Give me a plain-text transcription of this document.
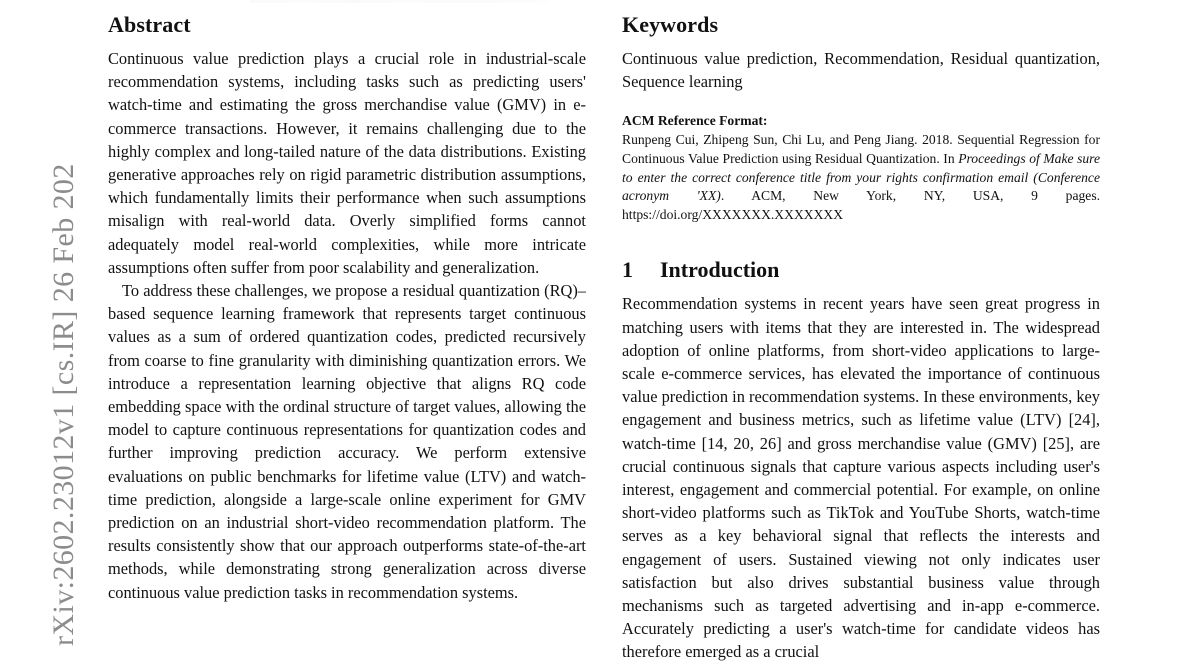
rXiv:2602.23012v1 [cs.IR] 26 Feb 202
Abstract

Continuous value prediction plays a crucial role in industrial-scale recommendation systems, including tasks such as predicting users' watch-time and estimating the gross merchandise value (GMV) in e-commerce transactions. However, it remains challenging due to the highly complex and long-tailed nature of the data distributions. Existing generative approaches rely on rigid parametric distribution assumptions, which fundamentally limits their performance when such assumptions misalign with real-world data. Overly simplified forms cannot adequately model real-world complexities, while more intricate assumptions often suffer from poor scalability and generalization.

To address these challenges, we propose a residual quantization (RQ)–based sequence learning framework that represents target continuous values as a sum of ordered quantization codes, predicted recursively from coarse to fine granularity with diminishing quantization errors. We introduce a representation learning objective that aligns RQ code embedding space with the ordinal structure of target values, allowing the model to capture continuous representations for quantization codes and further improving prediction accuracy. We perform extensive evaluations on public benchmarks for lifetime value (LTV) and watch-time prediction, alongside a large-scale online experiment for GMV prediction on an industrial short-video recommendation platform. The results consistently show that our approach outperforms state-of-the-art methods, while demonstrating strong generalization across diverse continuous value prediction tasks in recommendation systems.

Keywords

Continuous value prediction, Recommendation, Residual quantization, Sequence learning

ACM Reference Format:

Runpeng Cui, Zhipeng Sun, Chi Lu, and Peng Jiang. 2018. Sequential Regression for Continuous Value Prediction using Residual Quantization. In Proceedings of Make sure to enter the correct conference title from your rights confirmation email (Conference acronym 'XX). ACM, New York, NY, USA, 9 pages. https://doi.org/XXXXXXX.XXXXXXX

1	Introduction

Recommendation systems in recent years have seen great progress in matching users with items that they are interested in. The widespread adoption of online platforms, from short-video applications to large-scale e-commerce services, has elevated the importance of continuous value prediction in recommendation systems. In these environments, key engagement and business metrics, such as lifetime value (LTV) [24], watch-time [14, 20, 26] and gross merchandise value (GMV) [25], are crucial continuous signals that capture various aspects including user's interest, engagement and commercial potential. For example, on online short-video platforms such as TikTok and YouTube Shorts, watch-time serves as a key behavioral signal that reflects the interests and engagement of users. Sustained viewing not only indicates user satisfaction but also drives substantial business value through mechanisms such as targeted advertising and in-app e-commerce. Accurately predicting a user's watch-time for candidate videos has therefore emerged as a crucial
